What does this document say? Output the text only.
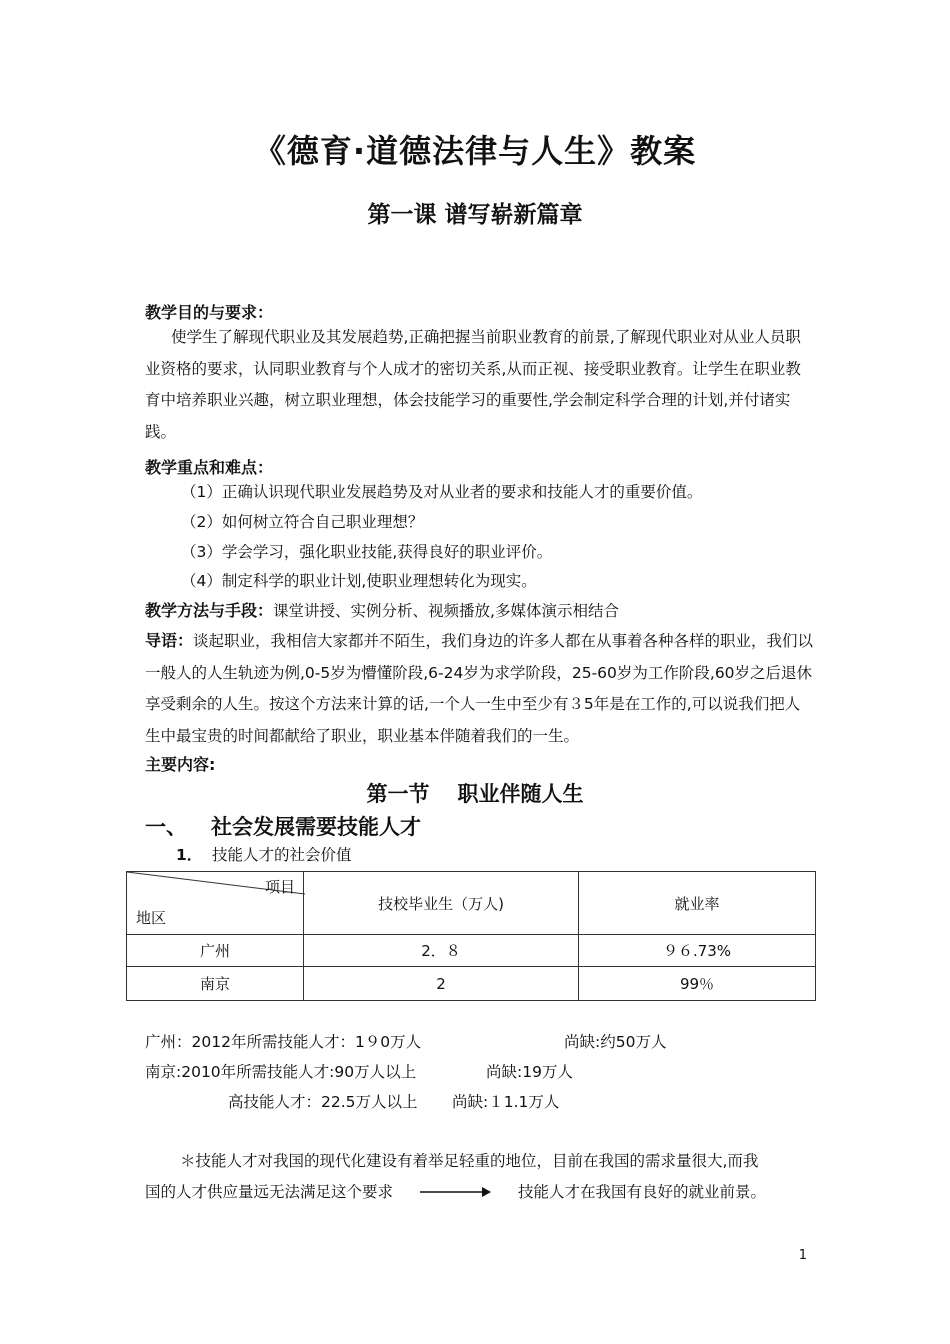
《德育·道德法律与人生》教案
第一课 谱写崭新篇章
教学目的与要求：
使学生了解现代职业及其发展趋势,正确把握当前职业教育的前景,了解现代职业对从业人员职业资格的要求，认同职业教育与个人成才的密切关系,从而正视、接受职业教育。让学生在职业教育中培养职业兴趣，树立职业理想，体会技能学习的重要性,学会制定科学合理的计划,并付诸实践。
教学重点和难点：
（1）正确认识现代职业发展趋势及对从业者的要求和技能人才的重要价值。
（2）如何树立符合自己职业理想？
（3）学会学习，强化职业技能,获得良好的职业评价。
（4）制定科学的职业计划,使职业理想转化为现实。
教学方法与手段：课堂讲授、实例分析、视频播放,多媒体演示相结合
导语：谈起职业，我相信大家都并不陌生，我们身边的许多人都在从事着各种各样的职业，我们以一般人的人生轨迹为例,0-5岁为懵懂阶段,6-24岁为求学阶段，25-60岁为工作阶段,60岁之后退休享受剩余的人生。按这个方法来计算的话,一个人一生中至少有３5年是在工作的,可以说我们把人生中最宝贵的时间都献给了职业，职业基本伴随着我们的一生。
主要内容:
第一节 职业伴随人生
一、 社会发展需要技能人才
1． 技能人才的社会价值
项目
地区	技校毕业生（万人)	就业率
广州	2．８	９６.73%
南京	2	99％
广州：2012年所需技能人才：1９0万人	尚缺:约50万人
南京:2010年所需技能人才:90万人以上	尚缺:19万人
高技能人才：22.5万人以上 尚缺:１1.1万人
＊技能人才对我国的现代化建设有着举足轻重的地位，目前在我国的需求量很大,而我
国的人才供应量远无法满足这个要求	技能人才在我国有良好的就业前景。
1
